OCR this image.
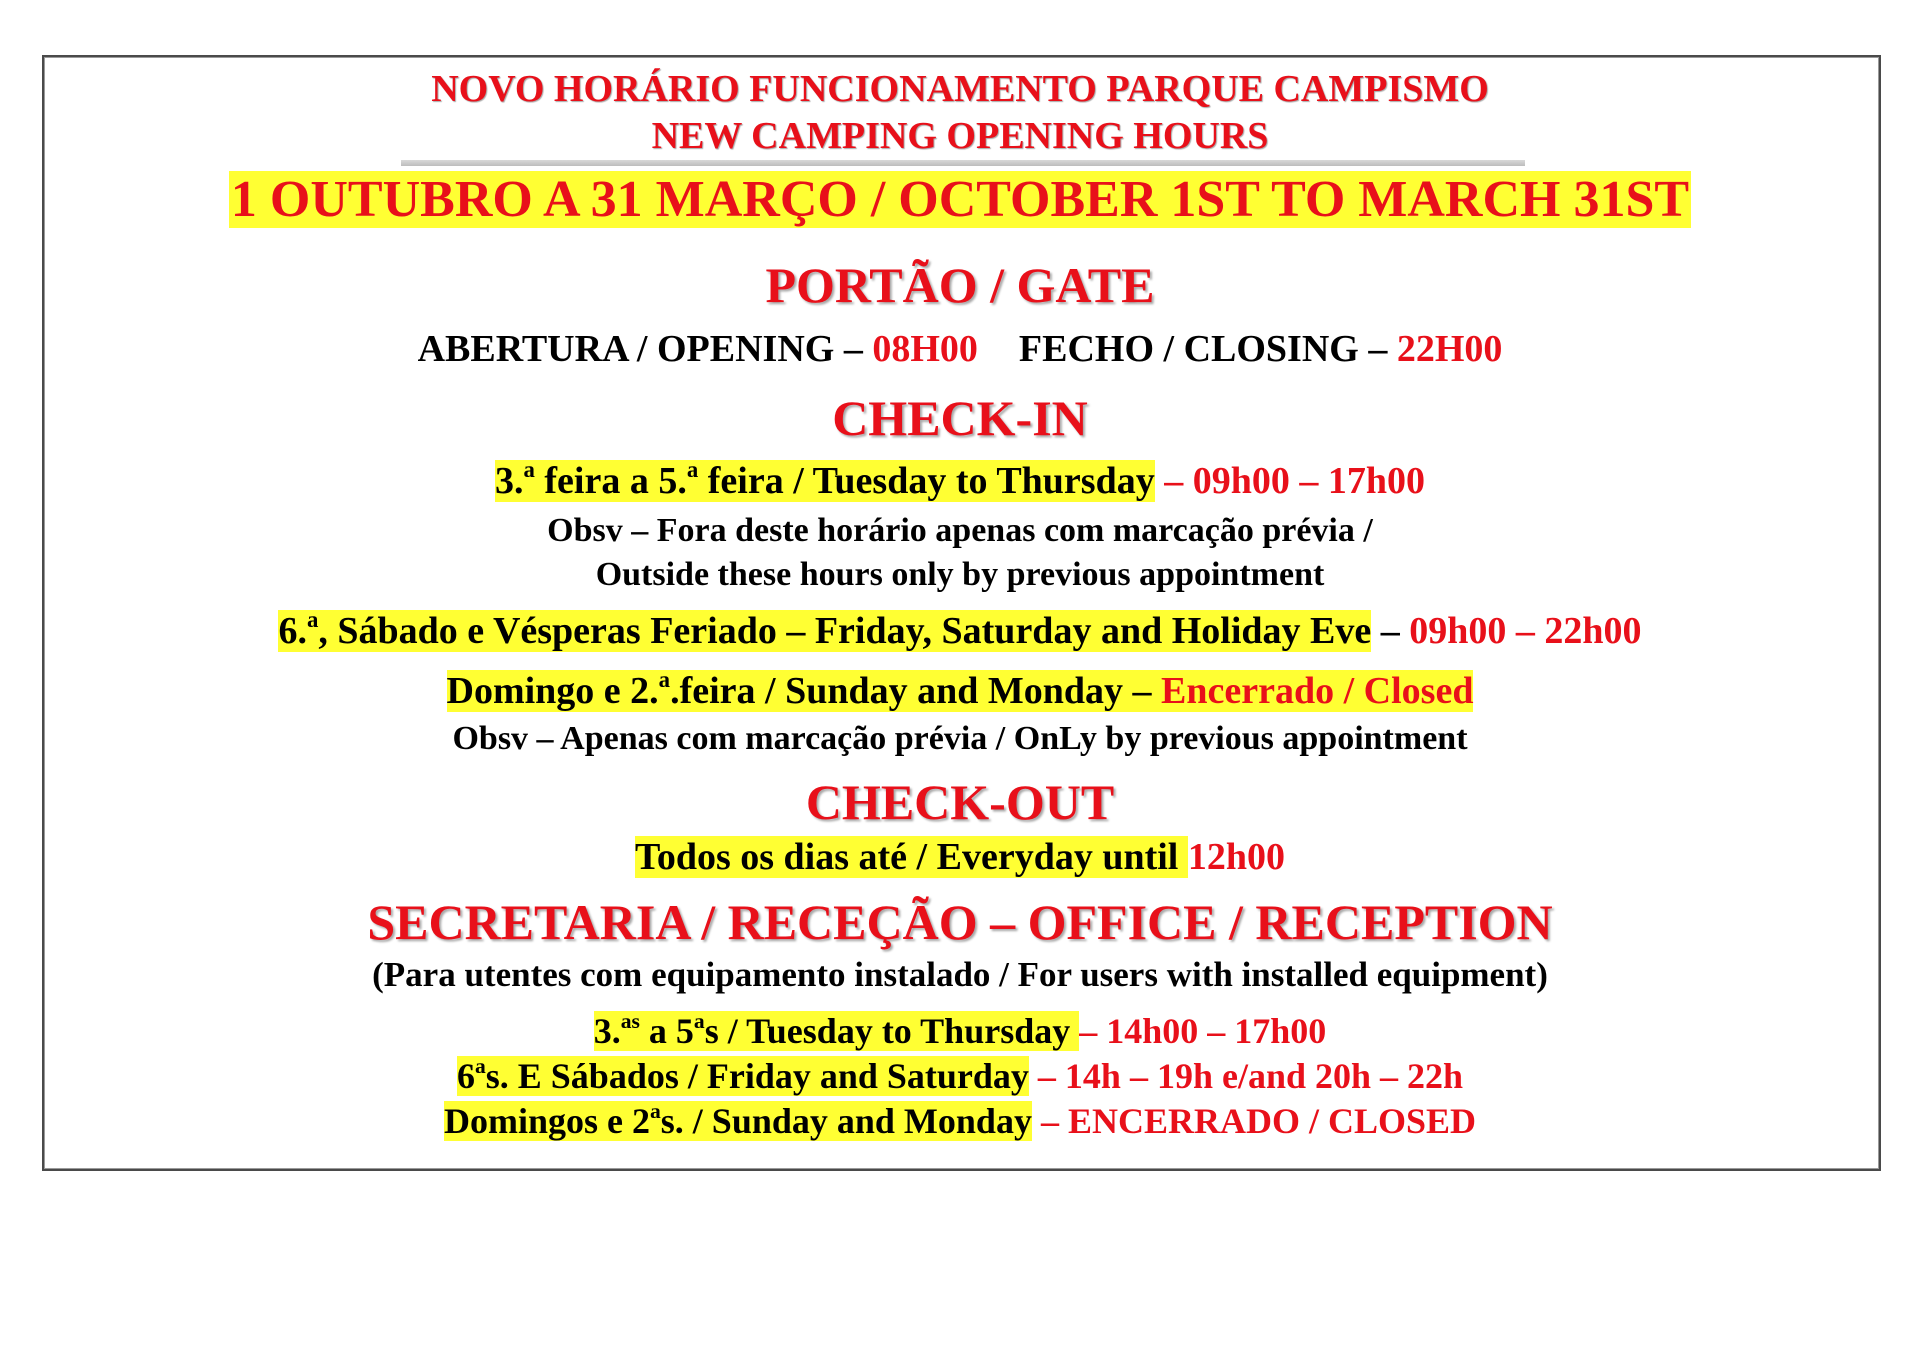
NOVO HORÁRIO FUNCIONAMENTO PARQUE CAMPISMO
NEW CAMPING OPENING HOURS
1 OUTUBRO A 31 MARÇO / OCTOBER 1ST TO MARCH 31ST
PORTÃO / GATE
ABERTURA / OPENING – 08H00 FECHO / CLOSING – 22H00
CHECK-IN
3.$^a$ feira a 5.$^a$ feira / Tuesday to Thursday – 09h00 – 17h00
Obsv – Fora deste horário apenas com marcação prévia /
Outside these hours only by previous appointment
6.$^a$, Sábado e Vésperas Feriado – Friday, Saturday and Holiday Eve – 09h00 – 22h00
Domingo e 2.$^a$.feira / Sunday and Monday – Encerrado / Closed
Obsv – Apenas com marcação prévia / OnLy by previous appointment
CHECK-OUT
Todos os dias até / Everyday until 12h00
SECRETARIA / RECEÇÃO – OFFICE / RECEPTION
(Para utentes com equipamento instalado / For users with installed equipment)
3.$^{as}$ a 5$^a$s / Tuesday to Thursday – 14h00 – 17h00
6$^a$s. E Sábados / Friday and Saturday – 14h – 19h e/and 20h – 22h
Domingos e 2$^a$s. / Sunday and Monday – ENCERRADO / CLOSED
